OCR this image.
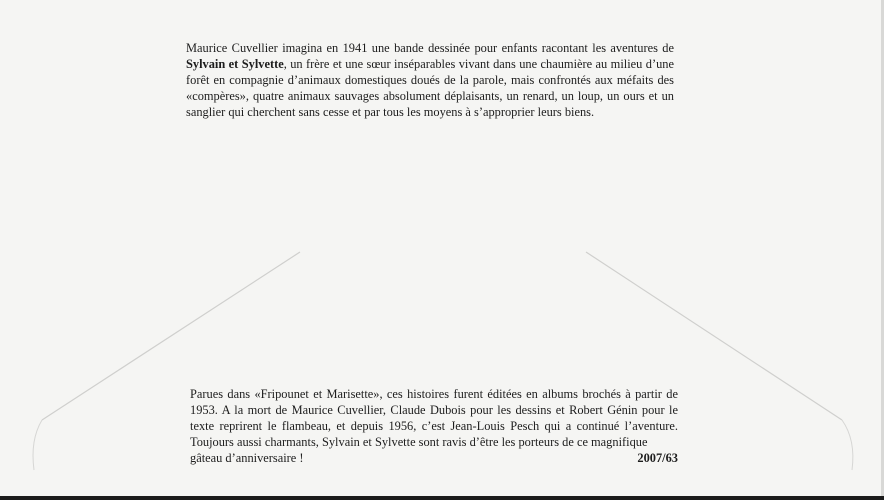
Maurice Cuvellier imagina en 1941 une bande dessinée pour enfants racontant les aventures de Sylvain et Sylvette, un frère et une sœur inséparables vivant dans une chaumière au milieu d’une forêt en compagnie d’animaux domestiques doués de la parole, mais confrontés aux méfaits des «compères», quatre animaux sauvages absolument déplaisants, un renard, un loup, un ours et un sanglier qui cherchent sans cesse et par tous les moyens à s’approprier leurs biens.

Parues dans «Fripounet et Marisette», ces histoires furent éditées en albums brochés à partir de 1953. A la mort de Maurice Cuvellier, Claude Dubois pour les dessins et Robert Génin pour le texte reprirent le flambeau, et depuis 1956, c’est Jean-Louis Pesch qui a continué l’aventure. Toujours aussi charmants, Sylvain et Sylvette sont ravis d’être les porteurs de ce magnifique

gâteau d’anniversaire !	2007/63
